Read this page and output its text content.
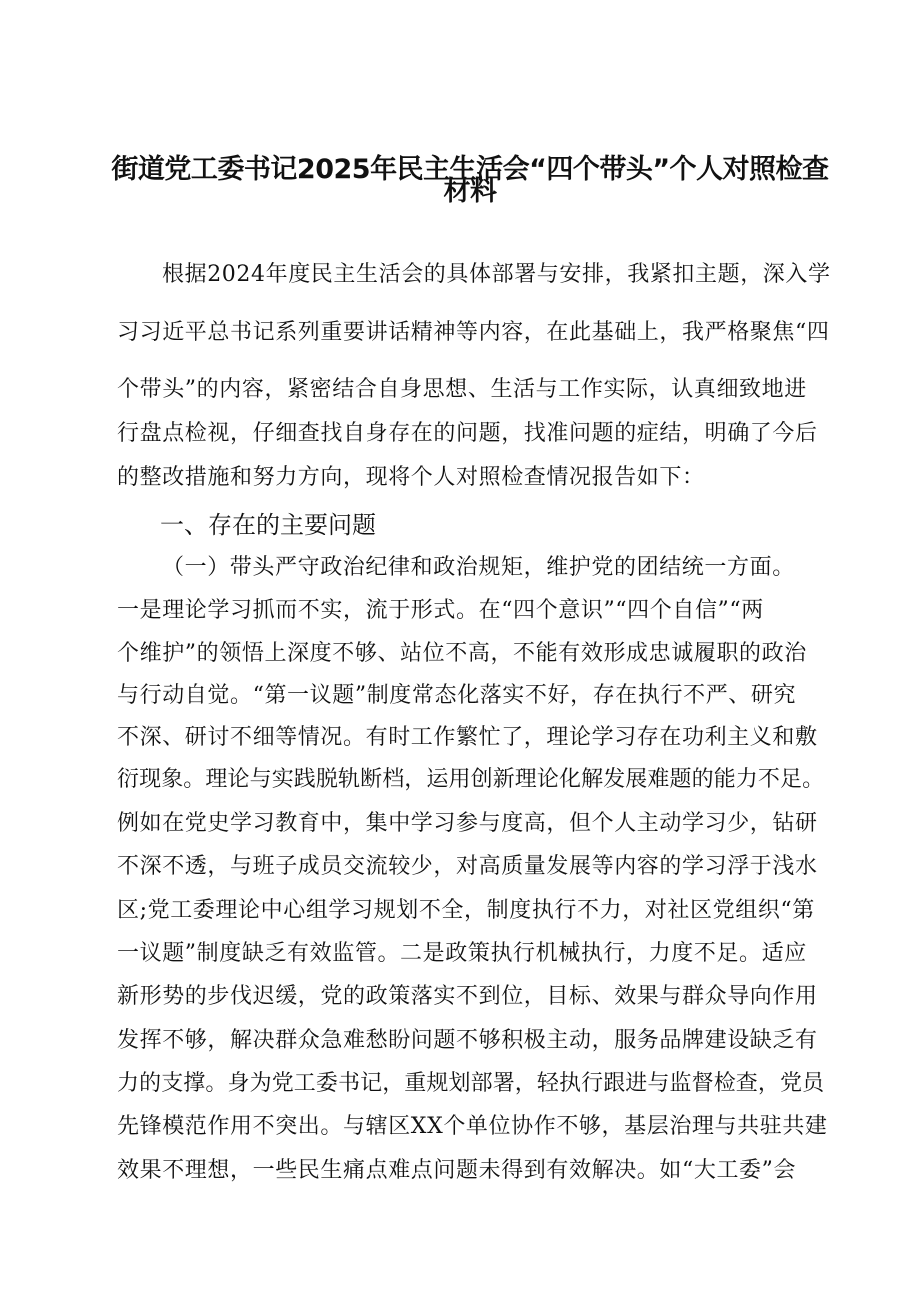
街道党工委书记2025年民主生活会“四个带头”个人对照检查
材料
根据2024年度民主生活会的具体部署与安排，我紧扣主题，深入学
习习近平总书记系列重要讲话精神等内容，在此基础上，我严格聚焦“四
个带头”的内容，紧密结合自身思想、生活与工作实际，认真细致地进
行盘点检视，仔细查找自身存在的问题，找准问题的症结，明确了今后
的整改措施和努力方向，现将个人对照检查情况报告如下：
一、存在的主要问题
（一）带头严守政治纪律和政治规矩，维护党的团结统一方面。
一是理论学习抓而不实，流于形式。在“四个意识”“四个自信”“两
个维护”的领悟上深度不够、站位不高，不能有效形成忠诚履职的政治
与行动自觉。“第一议题”制度常态化落实不好，存在执行不严、研究
不深、研讨不细等情况。有时工作繁忙了，理论学习存在功利主义和敷
衍现象。理论与实践脱轨断档，运用创新理论化解发展难题的能力不足。
例如在党史学习教育中，集中学习参与度高，但个人主动学习少，钻研
不深不透，与班子成员交流较少，对高质量发展等内容的学习浮于浅水
区;党工委理论中心组学习规划不全，制度执行不力，对社区党组织“第
一议题”制度缺乏有效监管。二是政策执行机械执行，力度不足。适应
新形势的步伐迟缓，党的政策落实不到位，目标、效果与群众导向作用
发挥不够，解决群众急难愁盼问题不够积极主动，服务品牌建设缺乏有
力的支撑。身为党工委书记，重规划部署，轻执行跟进与监督检查，党员
先锋模范作用不突出。与辖区XX个单位协作不够，基层治理与共驻共建
效果不理想，一些民生痛点难点问题未得到有效解决。如“大工委”会
